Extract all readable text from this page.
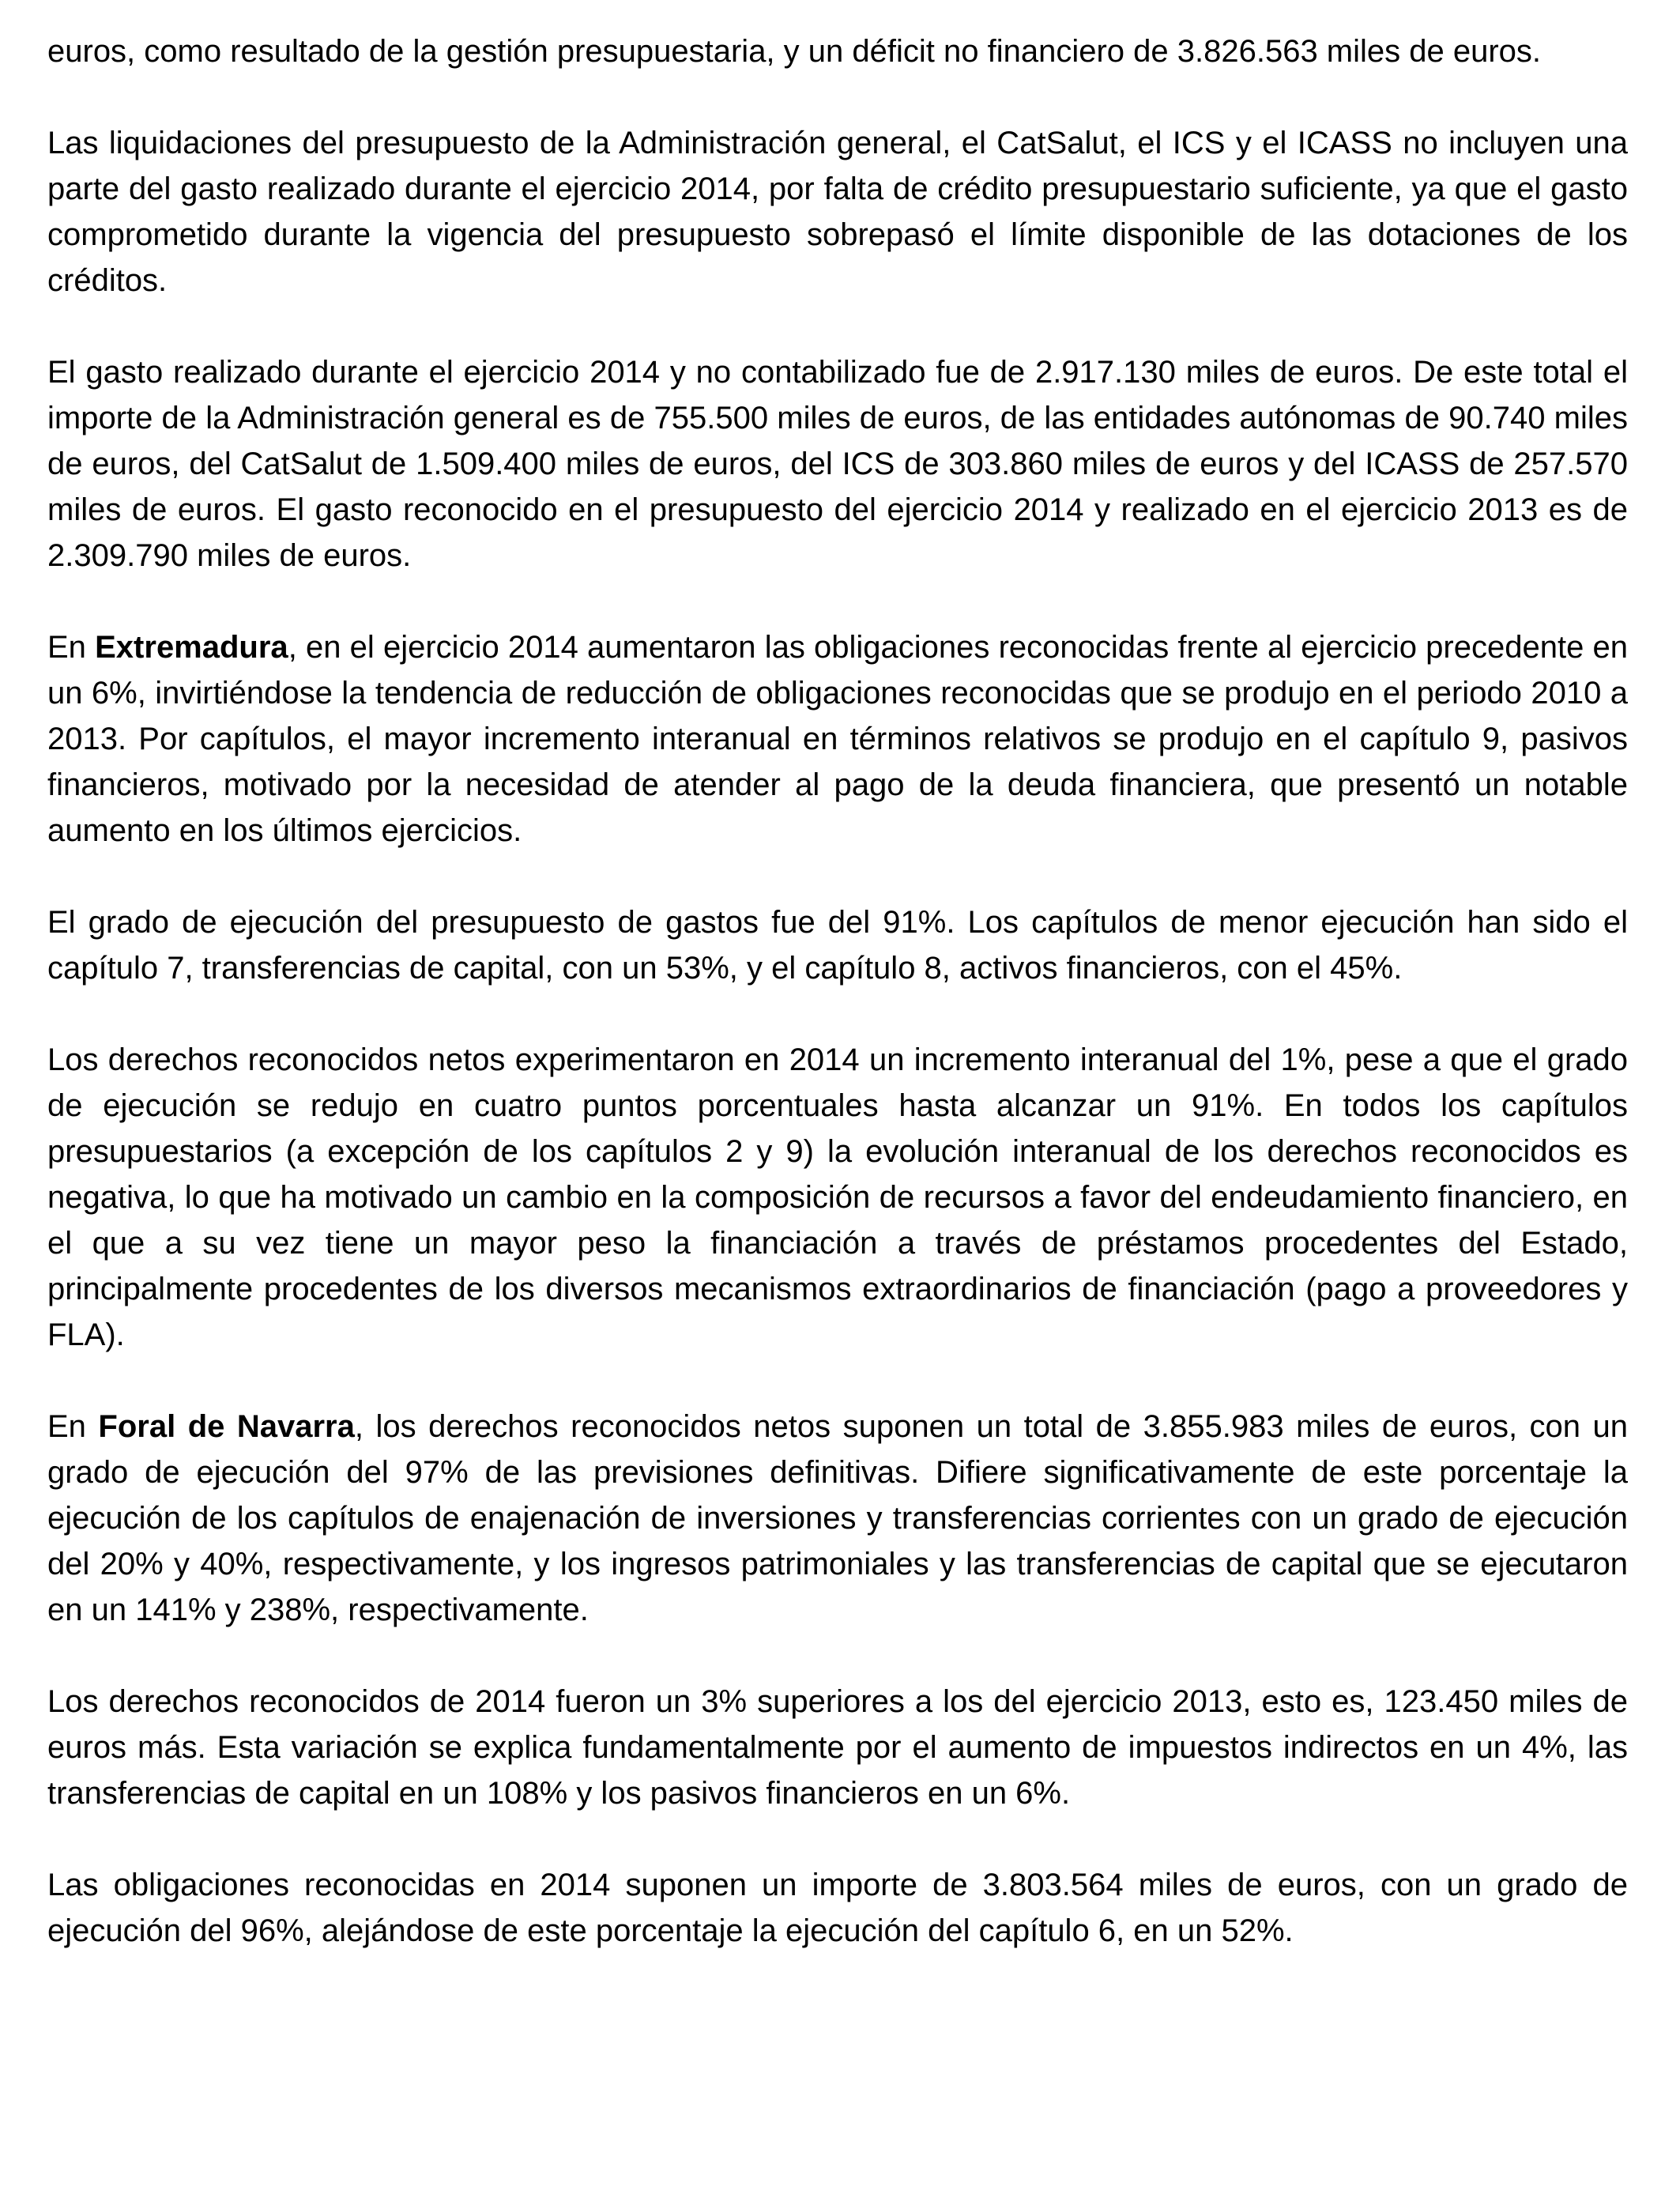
euros, como resultado de la gestión presupuestaria, y un déficit no financiero de 3.826.563 miles de euros.

Las liquidaciones del presupuesto de la Administración general, el CatSalut, el ICS y el ICASS no incluyen una parte del gasto realizado durante el ejercicio 2014, por falta de crédito presupuestario suficiente, ya que el gasto comprometido durante la vigencia del presupuesto sobrepasó el límite disponible de las dotaciones de los créditos.

El gasto realizado durante el ejercicio 2014 y no contabilizado fue de 2.917.130 miles de euros. De este total el importe de la Administración general es de 755.500 miles de euros, de las entidades autónomas de 90.740 miles de euros, del CatSalut de 1.509.400 miles de euros, del ICS de 303.860 miles de euros y del ICASS de 257.570 miles de euros. El gasto reconocido en el presupuesto del ejercicio 2014 y realizado en el ejercicio 2013 es de 2.309.790 miles de euros.

En Extremadura, en el ejercicio 2014 aumentaron las obligaciones reconocidas frente al ejercicio precedente en un 6%, invirtiéndose la tendencia de reducción de obligaciones reconocidas que se produjo en el periodo 2010 a 2013. Por capítulos, el mayor incremento interanual en términos relativos se produjo en el capítulo 9, pasivos financieros, motivado por la necesidad de atender al pago de la deuda financiera, que presentó un notable aumento en los últimos ejercicios.

El grado de ejecución del presupuesto de gastos fue del 91%. Los capítulos de menor ejecución han sido el capítulo 7, transferencias de capital, con un 53%, y el capítulo 8, activos financieros, con el 45%.

Los derechos reconocidos netos experimentaron en 2014 un incremento interanual del 1%, pese a que el grado de ejecución se redujo en cuatro puntos porcentuales hasta alcanzar un 91%. En todos los capítulos presupuestarios (a excepción de los capítulos 2 y 9) la evolución interanual de los derechos reconocidos es negativa, lo que ha motivado un cambio en la composición de recursos a favor del endeudamiento financiero, en el que a su vez tiene un mayor peso la financiación a través de préstamos procedentes del Estado, principalmente procedentes de los diversos mecanismos extraordinarios de financiación (pago a proveedores y FLA).

En Foral de Navarra, los derechos reconocidos netos suponen un total de 3.855.983 miles de euros, con un grado de ejecución del 97% de las previsiones definitivas. Difiere significativamente de este porcentaje la ejecución de los capítulos de enajenación de inversiones y transferencias corrientes con un grado de ejecución del 20% y 40%, respectivamente, y los ingresos patrimoniales y las transferencias de capital que se ejecutaron en un 141% y 238%, respectivamente.

Los derechos reconocidos de 2014 fueron un 3% superiores a los del ejercicio 2013, esto es, 123.450 miles de euros más. Esta variación se explica fundamentalmente por el aumento de impuestos indirectos en un 4%, las transferencias de capital en un 108% y los pasivos financieros en un 6%.

Las obligaciones reconocidas en 2014 suponen un importe de 3.803.564 miles de euros, con un grado de ejecución del 96%, alejándose de este porcentaje la ejecución del capítulo 6, en un 52%.
